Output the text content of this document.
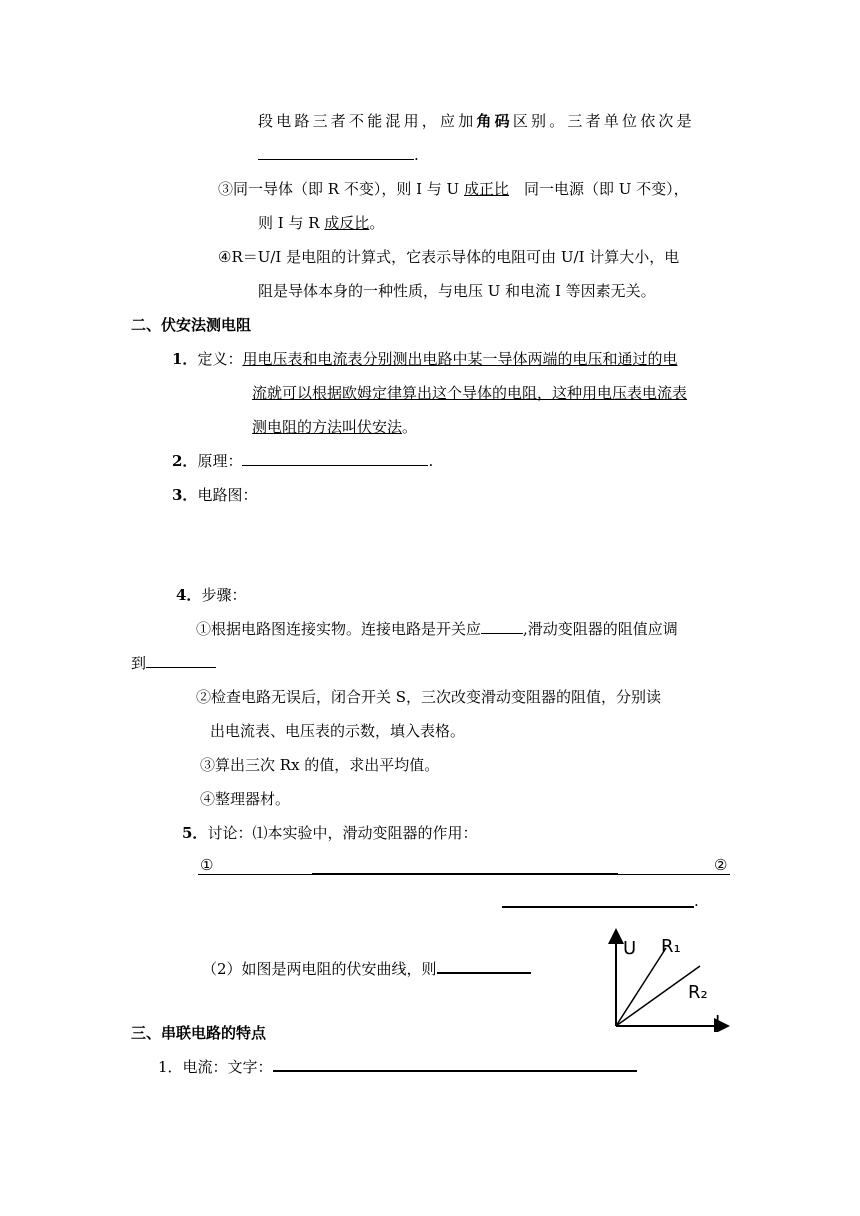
段电路三者不能混用，应加角码区别。三者单位依次是
.
③同一导体（即 R 不变），则 I 与 U 成正比　同一电源（即 U 不变），
则 I 与 R 成反比。
④R＝U/I 是电阻的计算式，它表示导体的电阻可由 U/I 计算大小，电
阻是导体本身的一种性质，与电压 U 和电流 I 等因素无关。
二、伏安法测电阻
1．定义：用电压表和电流表分别测出电路中某一导体两端的电压和通过的电
流就可以根据欧姆定律算出这个导体的电阻，这种用电压表电流表
测电阻的方法叫伏安法。
2．原理：	.
3．电路图：
4．步骤：
①根据电路图连接实物。连接电路是开关应	,滑动变阻器的阻值应调
到
②检查电路无误后，闭合开关 S，三次改变滑动变阻器的阻值，分别读
出电流表、电压表的示数，填入表格。
③算出三次 Rx 的值，求出平均值。
④整理器材。
5．讨论：⑴本实验中，滑动变阻器的作用：
①	②
.
（2）如图是两电阻的伏安曲线，则
U
I
R₁
R₂
三、串联电路的特点
1．电流：文字：
